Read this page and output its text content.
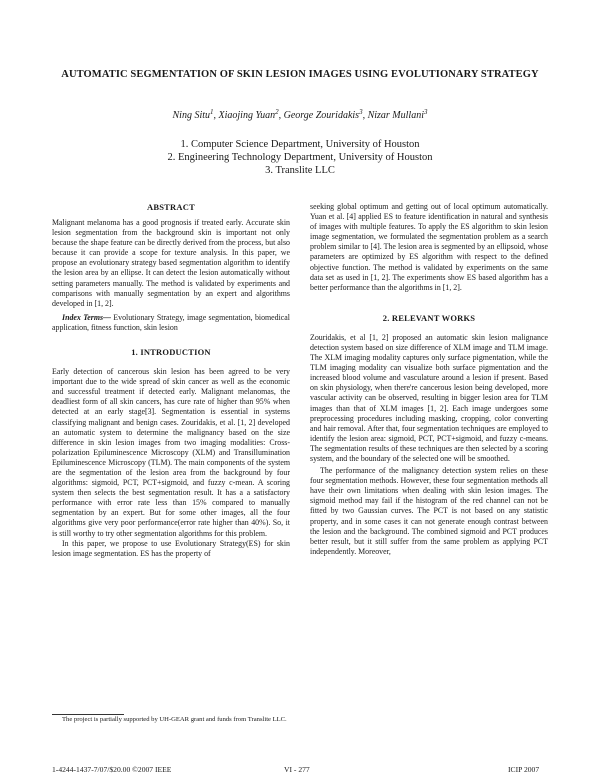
AUTOMATIC SEGMENTATION OF SKIN LESION IMAGES USING EVOLUTIONARY STRATEGY
Ning Situ$^1$, Xiaojing Yuan$^2$, George Zouridakis$^3$, Nizar Mullani$^3$
1. Computer Science Department, University of Houston
2. Engineering Technology Department, University of Houston
3. Translite LLC
ABSTRACT

Malignant melanoma has a good prognosis if treated early. Accurate skin lesion segmentation from the background skin is important not only because the shape feature can be directly derived from the process, but also because it can provide a scope for texture analysis. In this paper, we propose an evolutionary strategy based segmentation algorithm to identify the lesion area by an ellipse. It can detect the lesion automatically without setting parameters manually. The method is validated by experiments and comparisons with manually segmentation by an expert and algorithms developed in [1, 2].

Index Terms— Evolutionary Strategy, image segmentation, biomedical application, fitness function, skin lesion

1. INTRODUCTION

Early detection of cancerous skin lesion has been agreed to be very important due to the wide spread of skin cancer as well as the economic and successful treatment if detected early. Malignant melanomas, the deadliest form of all skin cancers, has cure rate of higher than 95% when detected at an early stage[3]. Segmentation is essential in systems classifying malignant and benign cases. Zouridakis, et al. [1, 2] developed an automatic system to determine the malignancy based on the size difference in skin lesion images from two imaging modalities: Cross-polarization Epiluminescence Microscopy (XLM) and Transillumination Epiluminescence Microscopy (TLM). The main components of the system are the segmentation of the lesion area from the background by four algorithms: sigmoid, PCT, PCT+sigmoid, and fuzzy c-mean. A scoring system then selects the best segmentation result. It has a a satisfactory performance with error rate less than 15% compared to manually segmentation by an expert. But for some other images, all the four algorithms give very poor performance(error rate higher than 40%). So, it is still worthy to try other segmentation algorithms for this problem.

In this paper, we propose to use Evolutionary Strategy(ES) for skin lesion image segmentation. ES has the property of

The project is partially supported by UH-GEAR grant and funds from Translite LLC.

seeking global optimum and getting out of local optimum automatically. Yuan et al. [4] applied ES to feature identification in natural and synthesis of images with multiple features. To apply the ES algorithm to skin lesion image segmentation, we formulated the segmentation problem as a search problem similar to [4]. The lesion area is segmented by an ellipsoid, whose parameters are optimized by ES algorithm with respect to the defined objective function. The method is validated by experiments on the same data set as used in [1, 2]. The experiments show ES based algorithm has a better performance than the algorithms in [1, 2].

2. RELEVANT WORKS

Zouridakis, et al [1, 2] proposed an automatic skin lesion malignance detection system based on size difference of XLM image and TLM image. The XLM imaging modality captures only surface pigmentation, while the TLM imaging modality can visualize both surface pigmentation and the increased blood volume and vasculature around a lesion if present. Based on skin physiology, when there're cancerous lesion being developed, more vascular activity can be observed, resulting in bigger lesion area for TLM images than that of XLM images [1, 2]. Each image undergoes some preprocessing procedures including masking, cropping, color converting and hair removal. After that, four segmentation techniques are employed to identify the lesion area: sigmoid, PCT, PCT+sigmoid, and fuzzy c-means. The segmentation results of these techniques are then selected by a scoring system, and the boundary of the selected one will be smoothed.

The performance of the malignancy detection system relies on these four segmentation methods. However, these four segmentation methods all have their own limitations when dealing with skin lesion images. The sigmoid method may fail if the histogram of the red channel can not be fitted by two Gaussian curves. The PCT is not based on any statistic property, and in some cases it can not generate enough contrast between the lesion and the background. The combined sigmoid and PCT produces better result, but it still suffer from the same problem as applying PCT independently. Moreover,

1-4244-1437-7/07/$20.00 ©2007 IEEE	VI - 277	ICIP 2007
